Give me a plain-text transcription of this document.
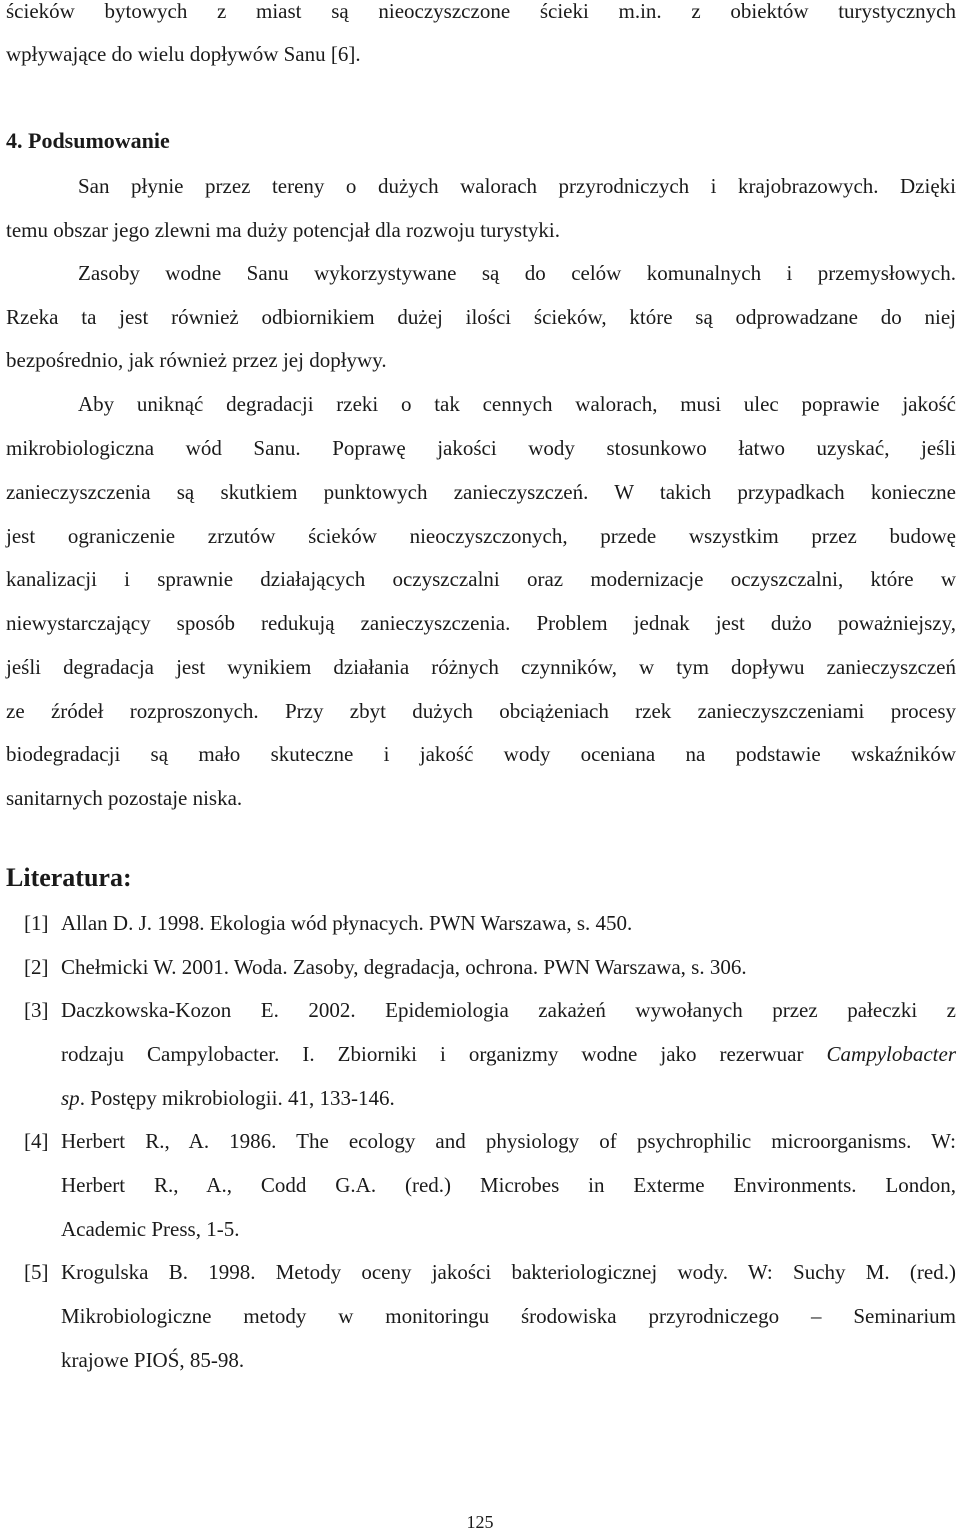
ścieków bytowych z miast są nieoczyszczone ścieki m.in. z obiektów turystycznych
wpływające do wielu dopływów Sanu [6].
4. Podsumowanie
San płynie przez tereny o dużych walorach przyrodniczych i krajobrazowych. Dzięki
temu obszar jego zlewni ma duży potencjał dla rozwoju turystyki.
Zasoby wodne Sanu wykorzystywane są do celów komunalnych i przemysłowych.
Rzeka ta jest również odbiornikiem dużej ilości ścieków, które są odprowadzane do niej
bezpośrednio, jak również przez jej dopływy.
Aby uniknąć degradacji rzeki o tak cennych walorach, musi ulec poprawie jakość
mikrobiologiczna wód Sanu. Poprawę jakości wody stosunkowo łatwo uzyskać, jeśli
zanieczyszczenia są skutkiem punktowych zanieczyszczeń. W takich przypadkach konieczne
jest ograniczenie zrzutów ścieków nieoczyszczonych, przede wszystkim przez budowę
kanalizacji i sprawnie działających oczyszczalni oraz modernizacje oczyszczalni, które w
niewystarczający sposób redukują zanieczyszczenia. Problem jednak jest dużo poważniejszy,
jeśli degradacja jest wynikiem działania różnych czynników, w tym dopływu zanieczyszczeń
ze źródeł rozproszonych. Przy zbyt dużych obciążeniach rzek zanieczyszczeniami procesy
biodegradacji są mało skuteczne i jakość wody oceniana na podstawie wskaźników
sanitarnych pozostaje niska.
Literatura:
[1] Allan D. J. 1998. Ekologia wód płynacych. PWN Warszawa, s. 450.
[2] Chełmicki W. 2001. Woda. Zasoby, degradacja, ochrona. PWN Warszawa, s. 306.
[3] Daczkowska-Kozon E. 2002. Epidemiologia zakażeń wywołanych przez pałeczki z
rodzaju Campylobacter. I. Zbiorniki i organizmy wodne jako rezerwuar Campylobacter
sp. Postępy mikrobiologii. 41, 133-146.
[4] Herbert R., A. 1986. The ecology and physiology of psychrophilic microorganisms. W:
Herbert R., A., Codd G.A. (red.) Microbes in Exterme Environments. London,
Academic Press, 1-5.
[5] Krogulska B. 1998. Metody oceny jakości bakteriologicznej wody. W: Suchy M. (red.)
Mikrobiologiczne metody w monitoringu środowiska przyrodniczego – Seminarium
krajowe PIOŚ, 85-98.
125
